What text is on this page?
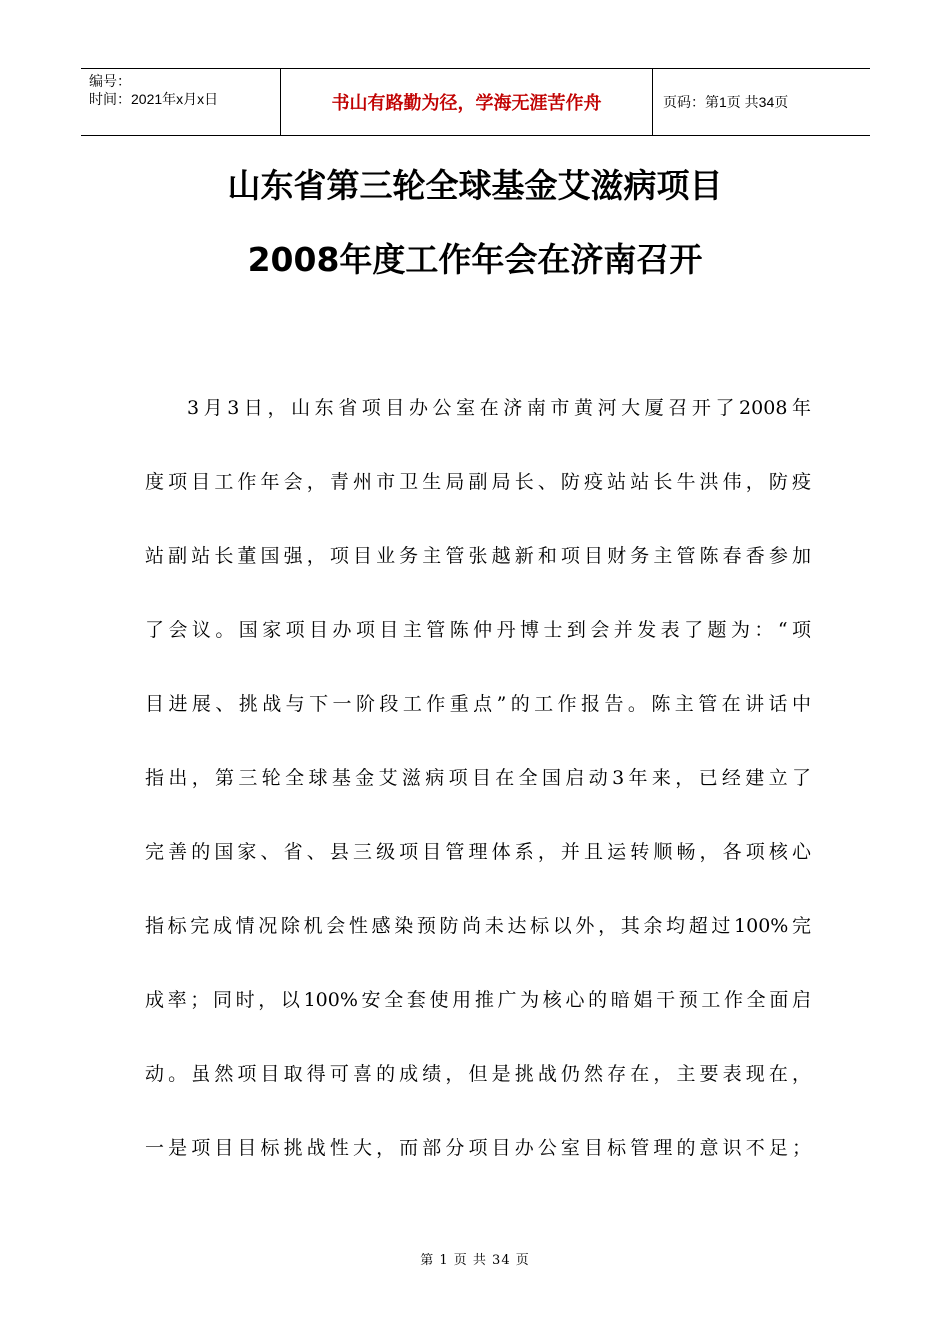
编号：
时间：2021年x月x日	书山有路勤为径，学海无涯苦作舟	页码：第1页 共34页
山东省第三轮全球基金艾滋病项目
2008年度工作年会在济南召开
3月3日，山东省项目办公室在济南市黄河大厦召开了2008年
度项目工作年会，青州市卫生局副局长、防疫站站长牛洪伟，防疫
站副站长董国强，项目业务主管张越新和项目财务主管陈春香参加
了会议。国家项目办项目主管陈仲丹博士到会并发表了题为：“项
目进展、挑战与下一阶段工作重点”的工作报告。陈主管在讲话中
指出，第三轮全球基金艾滋病项目在全国启动3年来，已经建立了
完善的国家、省、县三级项目管理体系，并且运转顺畅，各项核心
指标完成情况除机会性感染预防尚未达标以外，其余均超过100%完
成率；同时，以100%安全套使用推广为核心的暗娼干预工作全面启
动。虽然项目取得可喜的成绩，但是挑战仍然存在，主要表现在，
一是项目目标挑战性大，而部分项目办公室目标管理的意识不足；
第 1 页 共 34 页
